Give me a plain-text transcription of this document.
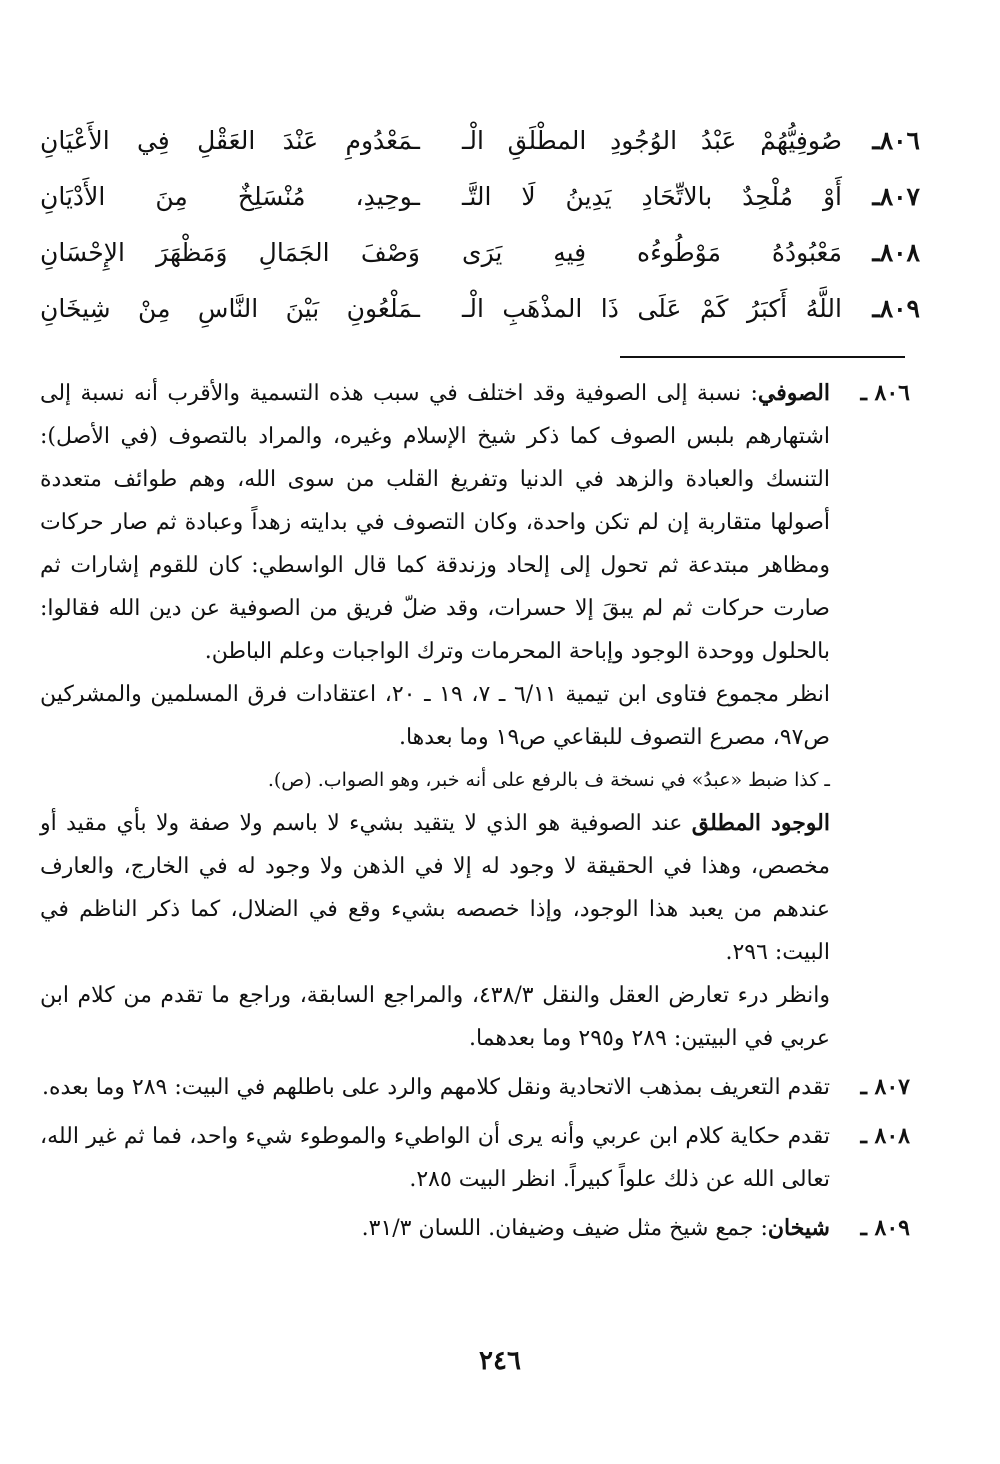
٨٠٦ـ
صُوفِيُّهُمْ عَبْدُ الوُجُودِ المطْلَقِ الْـ
ـمَعْدُومِ عَنْدَ العَقْلِ فِي الأَعْيَانِ
٨٠٧ـ
أَوْ مُلْحِدٌ بالاتِّحَادِ يَدِينُ لَا التَّـ
ـوحِيدِ، مُنْسَلِخٌ مِنَ الأَدْيَانِ
٨٠٨ـ
مَعْبُودُهُ مَوْطُوءُه فِيهِ يَرَى
وَصْفَ الجَمَالِ وَمَظْهَرَ الإِحْسَانِ
٨٠٩ـ
اللَّهُ أَكبَرُ كَمْ عَلَى ذَا المذْهَبِ الْـ
ـمَلْعُونِ بَيْنَ النَّاسِ مِنْ شِيخَانِ
٨٠٦ ـ

الصوفي: نسبة إلى الصوفية وقد اختلف في سبب هذه التسمية والأقرب أنه نسبة إلى اشتهارهم بلبس الصوف كما ذكر شيخ الإسلام وغيره، والمراد بالتصوف (في الأصل): التنسك والعبادة والزهد في الدنيا وتفريغ القلب من سوى الله، وهم طوائف متعددة أصولها متقاربة إن لم تكن واحدة، وكان التصوف في بدايته زهداً وعبادة ثم صار حركات ومظاهر مبتدعة ثم تحول إلى إلحاد وزندقة كما قال الواسطي: كان للقوم إشارات ثم صارت حركات ثم لم يبقَ إلا حسرات، وقد ضلّ فريق من الصوفية عن دين الله فقالوا: بالحلول ووحدة الوجود وإباحة المحرمات وترك الواجبات وعلم الباطن.

انظر مجموع فتاوى ابن تيمية ٦/١١ ـ ٧، ١٩ ـ ٢٠، اعتقادات فرق المسلمين والمشركين ص٩٧، مصرع التصوف للبقاعي ص١٩ وما بعدها.

ـ كذا ضبط «عبدُ» في نسخة ف بالرفع على أنه خبر، وهو الصواب. (ص).

الوجود المطلق عند الصوفية هو الذي لا يتقيد بشيء لا باسم ولا صفة ولا بأي مقيد أو مخصص، وهذا في الحقيقة لا وجود له إلا في الذهن ولا وجود له في الخارج، والعارف عندهم من يعبد هذا الوجود، وإذا خصصه بشيء وقع في الضلال، كما ذكر الناظم في البيت: ٢٩٦.

وانظر درء تعارض العقل والنقل ٤٣٨/٣، والمراجع السابقة، وراجع ما تقدم من كلام ابن عربي في البيتين: ٢٨٩ و٢٩٥ وما بعدهما.

٨٠٧ ـ

تقدم التعريف بمذهب الاتحادية ونقل كلامهم والرد على باطلهم في البيت: ٢٨٩ وما بعده.

٨٠٨ ـ

تقدم حكاية كلام ابن عربي وأنه يرى أن الواطيء والموطوء شيء واحد، فما ثم غير الله، تعالى الله عن ذلك علواً كبيراً. انظر البيت ٢٨٥.

٨٠٩ ـ

شيخان: جمع شيخ مثل ضيف وضيفان. اللسان ٣١/٣.

٢٤٦
